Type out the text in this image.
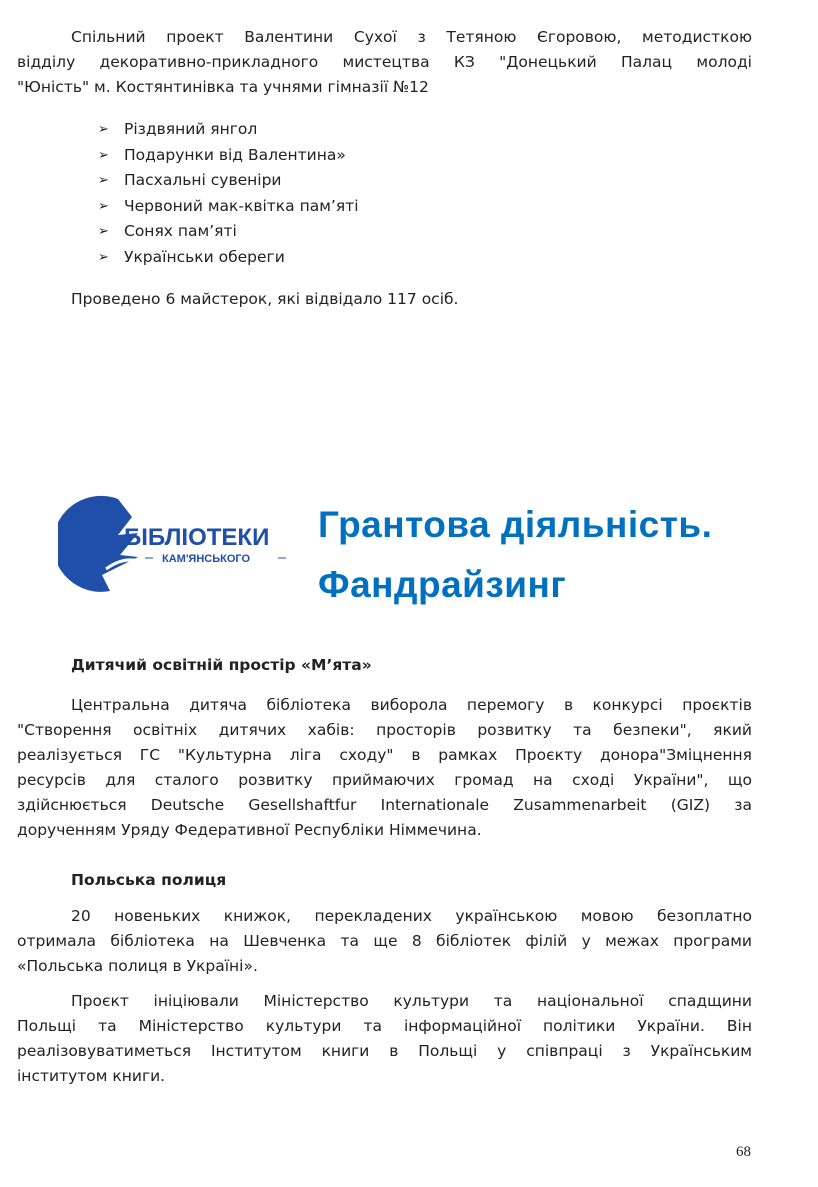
Спільний проект Валентини Сухої з Тетяною Єгоровою, методисткою
відділу декоративно-прикладного мистецтва КЗ "Донецький Палац молоді
"Юність" м. Костянтинівка та учнями гімназії №12
➢ Різдвяний янгол
➢ Подарунки від Валентина»
➢ Пасхальні сувеніри
➢ Червоний мак-квітка пам’яті
➢ Сонях пам’яті
➢ Українськи обереги
Проведено 6 майстерок, які відвідало 117 осіб.
БІБЛІОТЕКИ
КАМ'ЯНСЬКОГО
Грантова діяльність.
Фандрайзинг
Дитячий освітній простір «М’ята»
Центральна дитяча бібліотека виборола перемогу в конкурсі проєктів
"Створення освітніх дитячих хабів: просторів розвитку та безпеки", який
реалізується ГС "Культурна ліга сходу" в рамках Проєкту донора"Зміцнення
ресурсів для сталого розвитку приймаючих громад на сході України", що
здійснюється Deutsche Gesellshaftfur Internationale Zusammenarbeit (GIZ) за
дорученням Уряду Федеративної Республіки Німмечина.
Польська полиця
20 новеньких книжок, перекладених українською мовою безоплатно
отримала бібліотека на Шевченка та ще 8 бібліотек філій у межах програми
«Польська полиця в Україні».
Проєкт ініціювали Міністерство культури та національної спадщини
Польщі та Міністерство культури та інформаційної політики України. Він
реалізовуватиметься Інститутом книги в Польщі у співпраці з Українським
інститутом книги.
68
